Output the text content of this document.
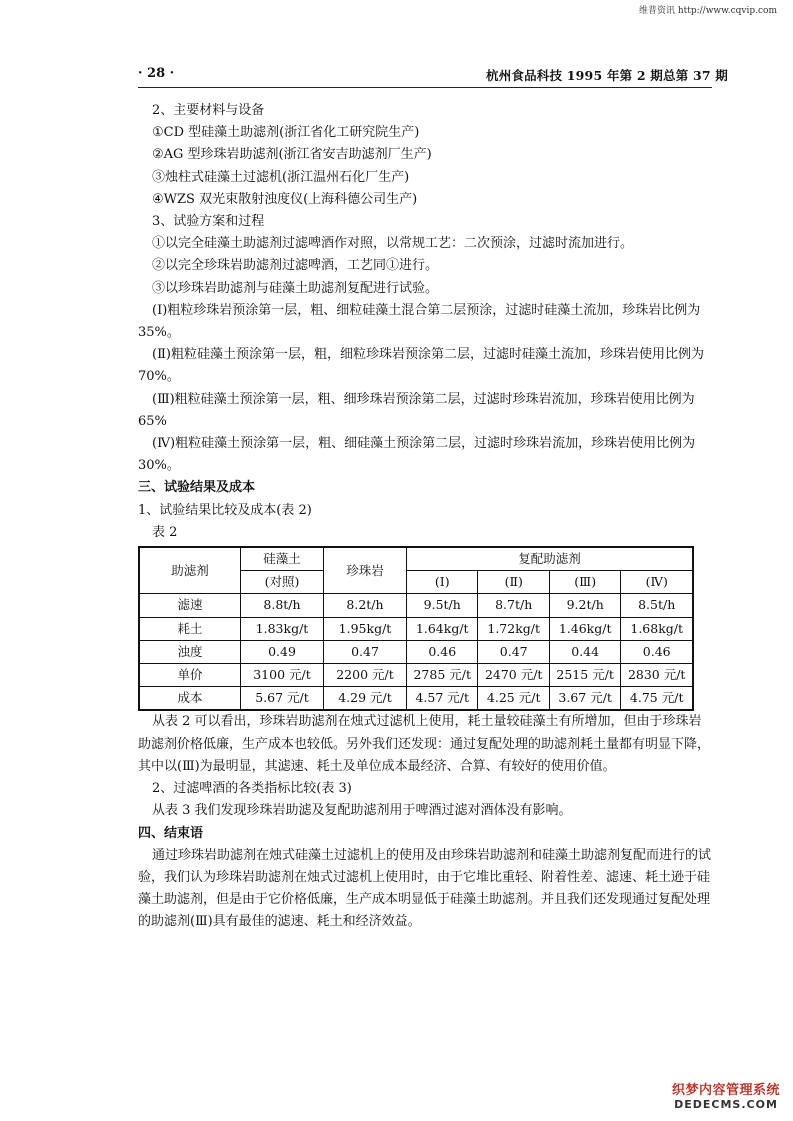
维普资讯 http://www.cqvip.com
· 28 ·	杭州食品科技 1995 年第 2 期总第 37 期

2、主要材料与设备

①CD 型硅藻土助滤剂(浙江省化工研究院生产)

②AG 型珍珠岩助滤剂(浙江省安吉助滤剂厂生产)

③烛柱式硅藻土过滤机(浙江温州石化厂生产)

④WZS 双光束散射浊度仪(上海科德公司生产)

3、试验方案和过程

①以完全硅藻土助滤剂过滤啤酒作对照，以常规工艺：二次预涂，过滤时流加进行。

②以完全珍珠岩助滤剂过滤啤酒，工艺同①进行。

③以珍珠岩助滤剂与硅藻土助滤剂复配进行试验。

(Ⅰ)粗粒珍珠岩预涂第一层，粗、细粒硅藻土混合第二层预涂，过滤时硅藻土流加，珍珠岩比例为 35%。

(Ⅱ)粗粒硅藻土预涂第一层，粗，细粒珍珠岩预涂第二层，过滤时硅藻土流加，珍珠岩使用比例为 70%。

(Ⅲ)粗粒硅藻土预涂第一层，粗、细珍珠岩预涂第二层，过滤时珍珠岩流加，珍珠岩使用比例为 65%

(Ⅳ)粗粒硅藻土预涂第一层，粗、细硅藻土预涂第二层，过滤时珍珠岩流加，珍珠岩使用比例为 30%。

三、试验结果及成本

1、试验结果比较及成本(表 2)

表 2

助滤剂	硅藻土	珍珠岩	复配助滤剂			
	(对照)		(Ⅰ)	(Ⅱ)	(Ⅲ)	(Ⅳ)
滤速	8.8t/h	8.2t/h	9.5t/h	8.7t/h	9.2t/h	8.5t/h
耗土	1.83kg/t	1.95kg/t	1.64kg/t	1.72kg/t	1.46kg/t	1.68kg/t
浊度	0.49	0.47	0.46	0.47	0.44	0.46
单价	3100 元/t	2200 元/t	2785 元/t	2470 元/t	2515 元/t	2830 元/t
成本	5.67 元/t	4.29 元/t	4.57 元/t	4.25 元/t	3.67 元/t	4.75 元/t

从表 2 可以看出，珍珠岩助滤剂在烛式过滤机上使用，耗土量较硅藻土有所增加，但由于珍珠岩助滤剂价格低廉，生产成本也较低。另外我们还发现：通过复配处理的助滤剂耗土量都有明显下降，其中以(Ⅲ)为最明显，其滤速、耗土及单位成本最经济、合算、有较好的使用价值。

2、过滤啤酒的各类指标比较(表 3)

从表 3 我们发现珍珠岩助滤及复配助滤剂用于啤酒过滤对酒体没有影响。

四、结束语

通过珍珠岩助滤剂在烛式硅藻土过滤机上的使用及由珍珠岩助滤剂和硅藻土助滤剂复配而进行的试验，我们认为珍珠岩助滤剂在烛式过滤机上使用时，由于它堆比重轻、附着性差、滤速、耗土逊于硅藻土助滤剂，但是由于它价格低廉，生产成本明显低于硅藻土助滤剂。并且我们还发现通过复配处理的助滤剂(Ⅲ)具有最佳的滤速、耗土和经济效益。

织梦内容管理系统
DEDECMS.COM
